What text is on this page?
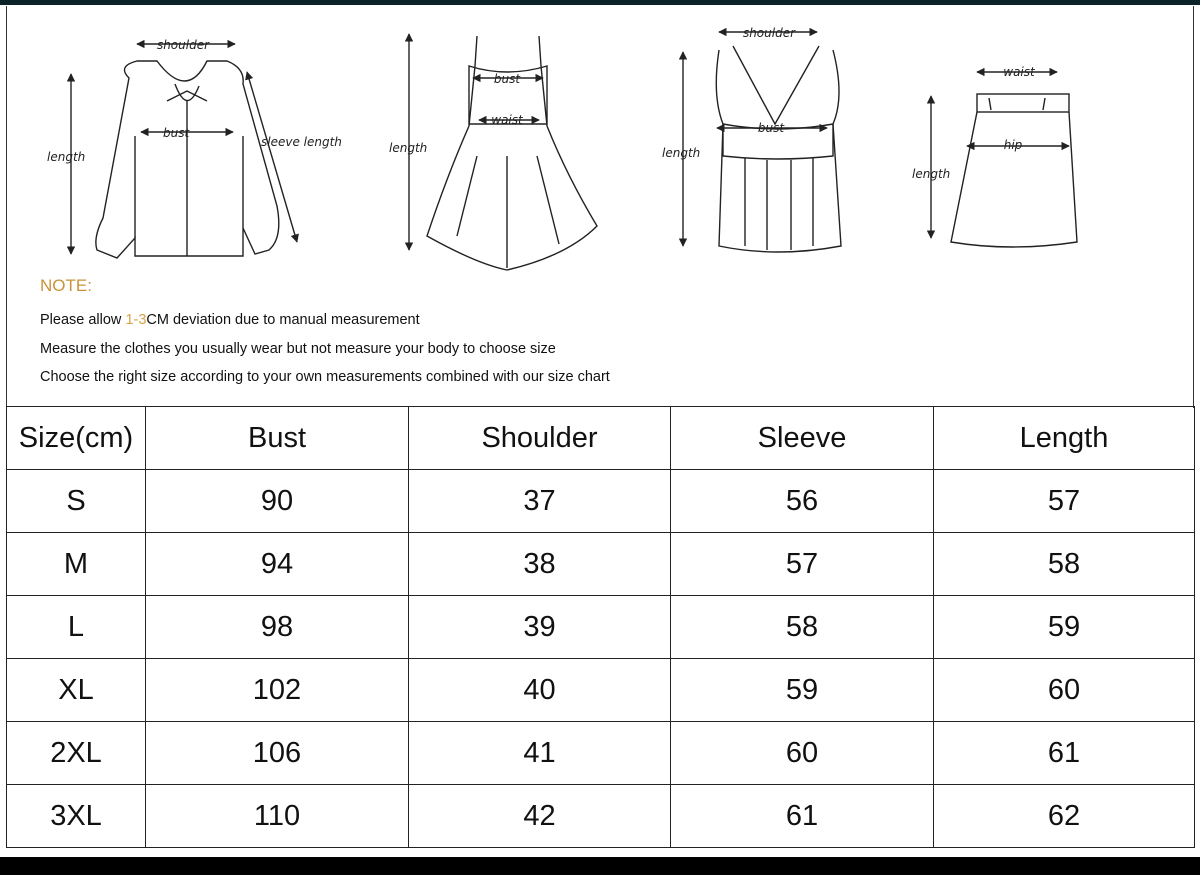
shoulder
bust
length
sleeve length	length
bust
waist
shoulder
bust
length
waist
hip
length
NOTE:
Please allow 1-3CM deviation due to manual measurement
Measure the clothes you usually wear but not measure your body to choose size
Choose the right size according to your own measurements combined with our size chart
Size(cm)	Bust	Shoulder	Sleeve	Length
S	90	37	56	57
M	94	38	57	58
L	98	39	58	59
XL	102	40	59	60
2XL	106	41	60	61
3XL	110	42	61	62
